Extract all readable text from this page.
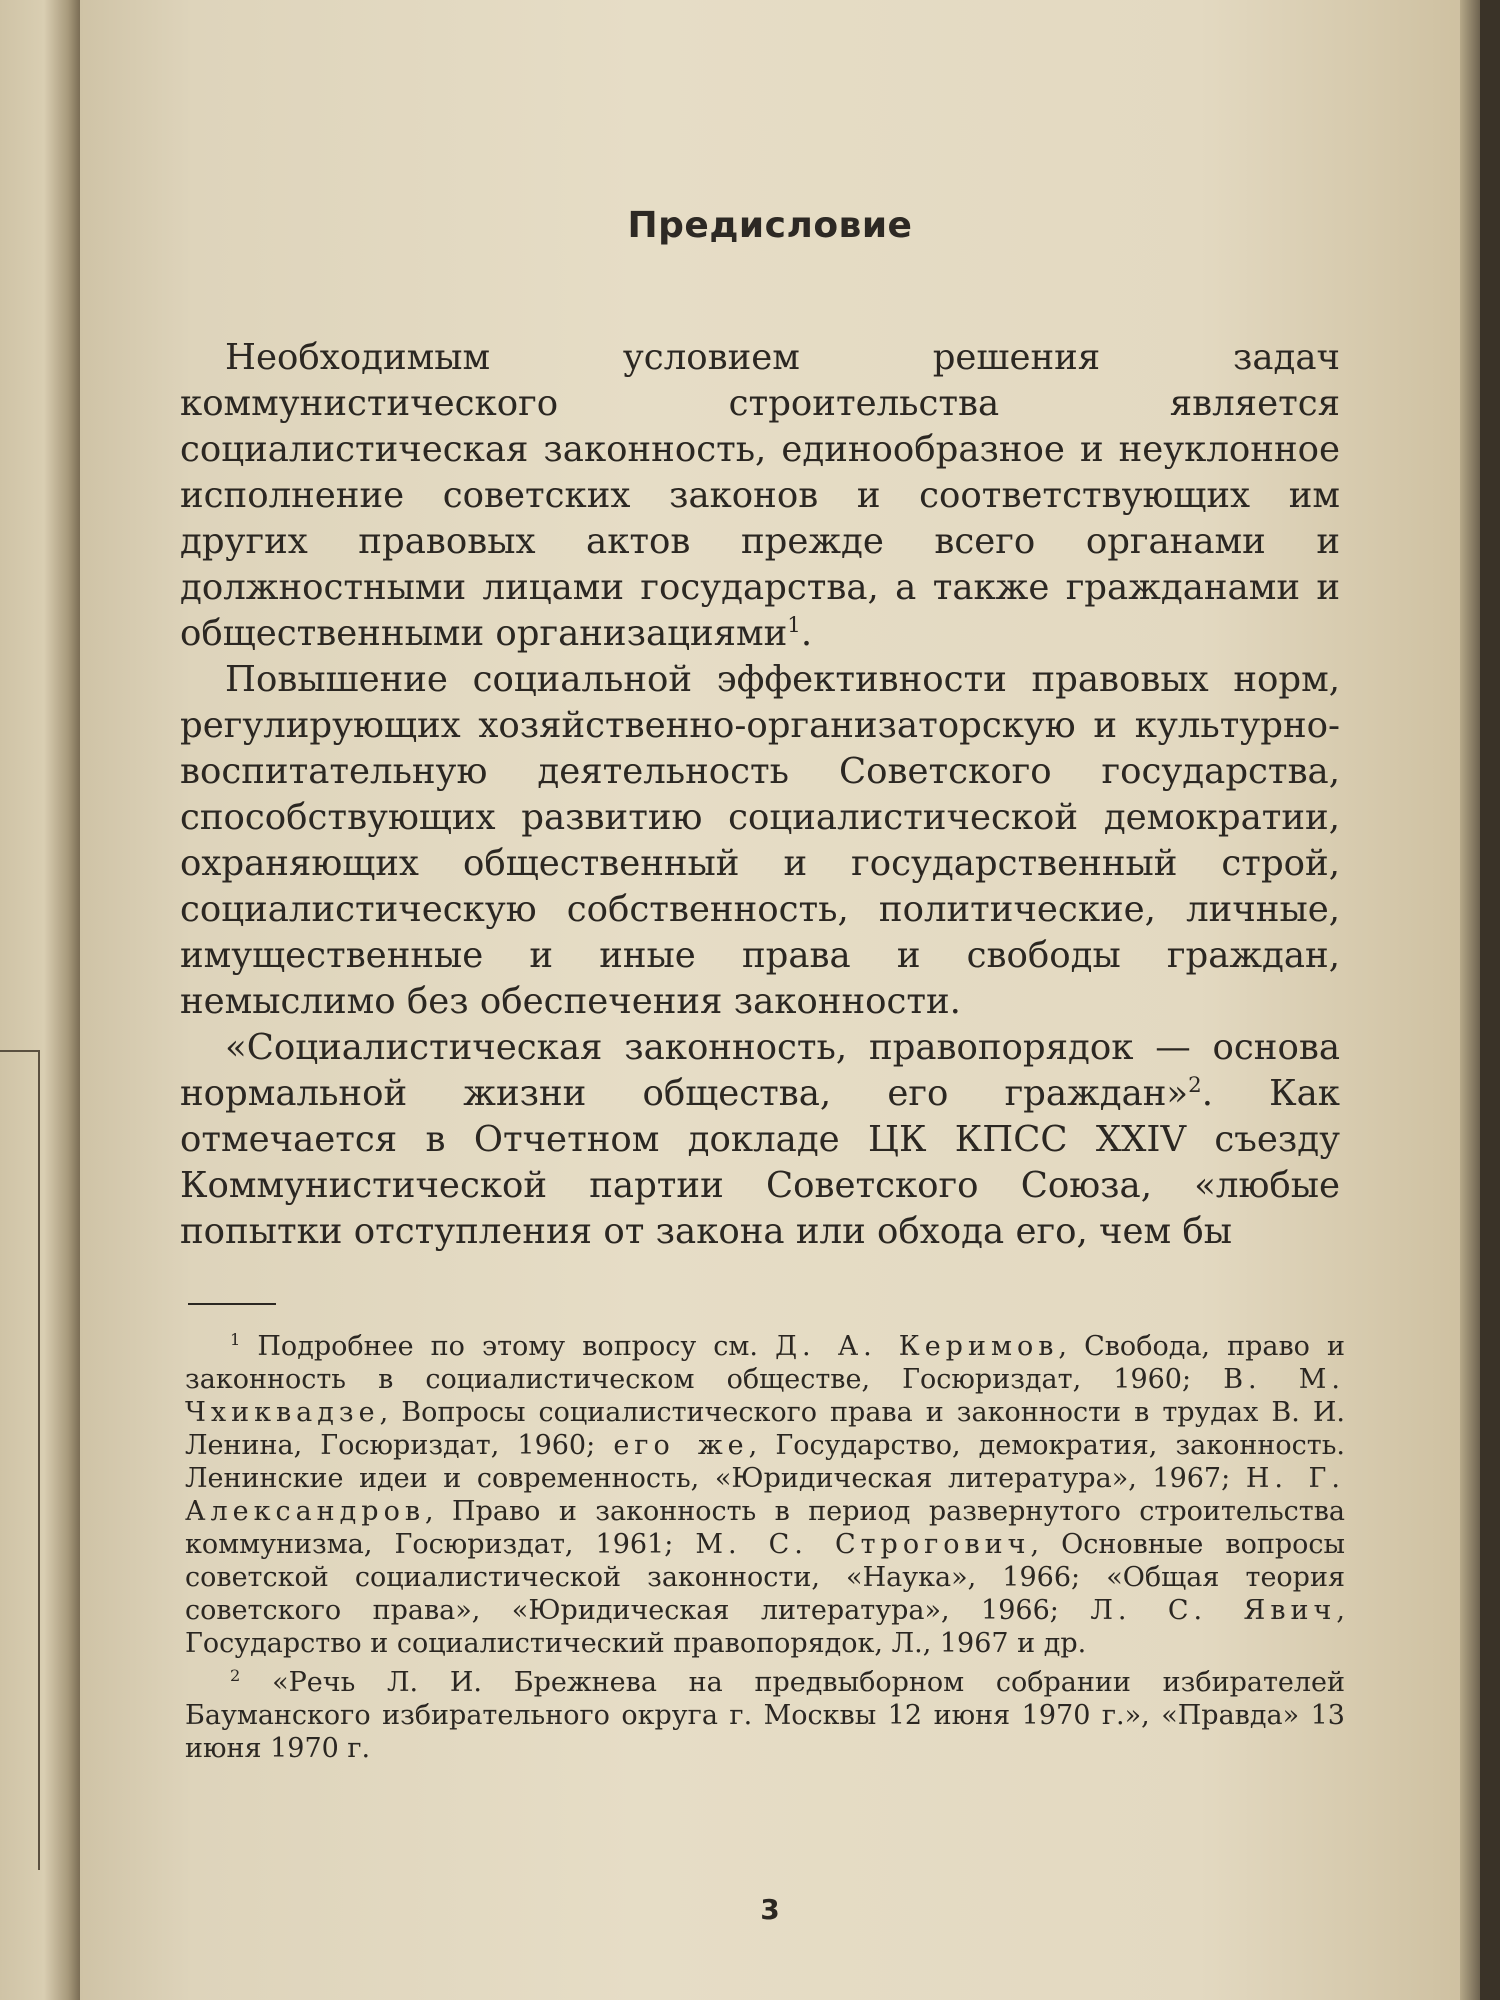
Предисловие

Необходимым условием решения задач коммунистического строительства является социалистическая законность, единообразное и неуклонное исполнение советских законов и соответствующих им других правовых актов прежде всего органами и должностными лицами государства, а также гражданами и общественными организациями$^1$.

Повышение социальной эффективности правовых норм, регулирующих хозяйственно-организаторскую и культурно-воспитательную деятельность Советского государства, способствующих развитию социалистической демократии, охраняющих общественный и государственный строй, социалистическую собственность, политические, личные, имущественные и иные права и свободы граждан, немыслимо без обеспечения законности.

«Социалистическая законность, правопорядок — основа нормальной жизни общества, его граждан»$^2$. Как отмечается в Отчетном докладе ЦК КПСС XXIV съезду Коммунистической партии Советского Союза, «любые попытки отступления от закона или обхода его, чем бы

$^1$ Подробнее по этому вопросу см. Д. А. Керимов, Свобода, право и законность в социалистическом обществе, Госюриздат, 1960; В. М. Чхиквадзе, Вопросы социалистического права и законности в трудах В. И. Ленина, Госюриздат, 1960; его же, Государство, демократия, законность. Ленинские идеи и современность, «Юридическая литература», 1967; Н. Г. Александров, Право и законность в период развернутого строительства коммунизма, Госюриздат, 1961; М. С. Строгович, Основные вопросы советской социалистической законности, «Наука», 1966; «Общая теория советского права», «Юридическая литература», 1966; Л. С. Явич, Государство и социалистический правопорядок, Л., 1967 и др.

$^2$ «Речь Л. И. Брежнева на предвыборном собрании избирателей Бауманского избирательного округа г. Москвы 12 июня 1970 г.», «Правда» 13 июня 1970 г.

3
